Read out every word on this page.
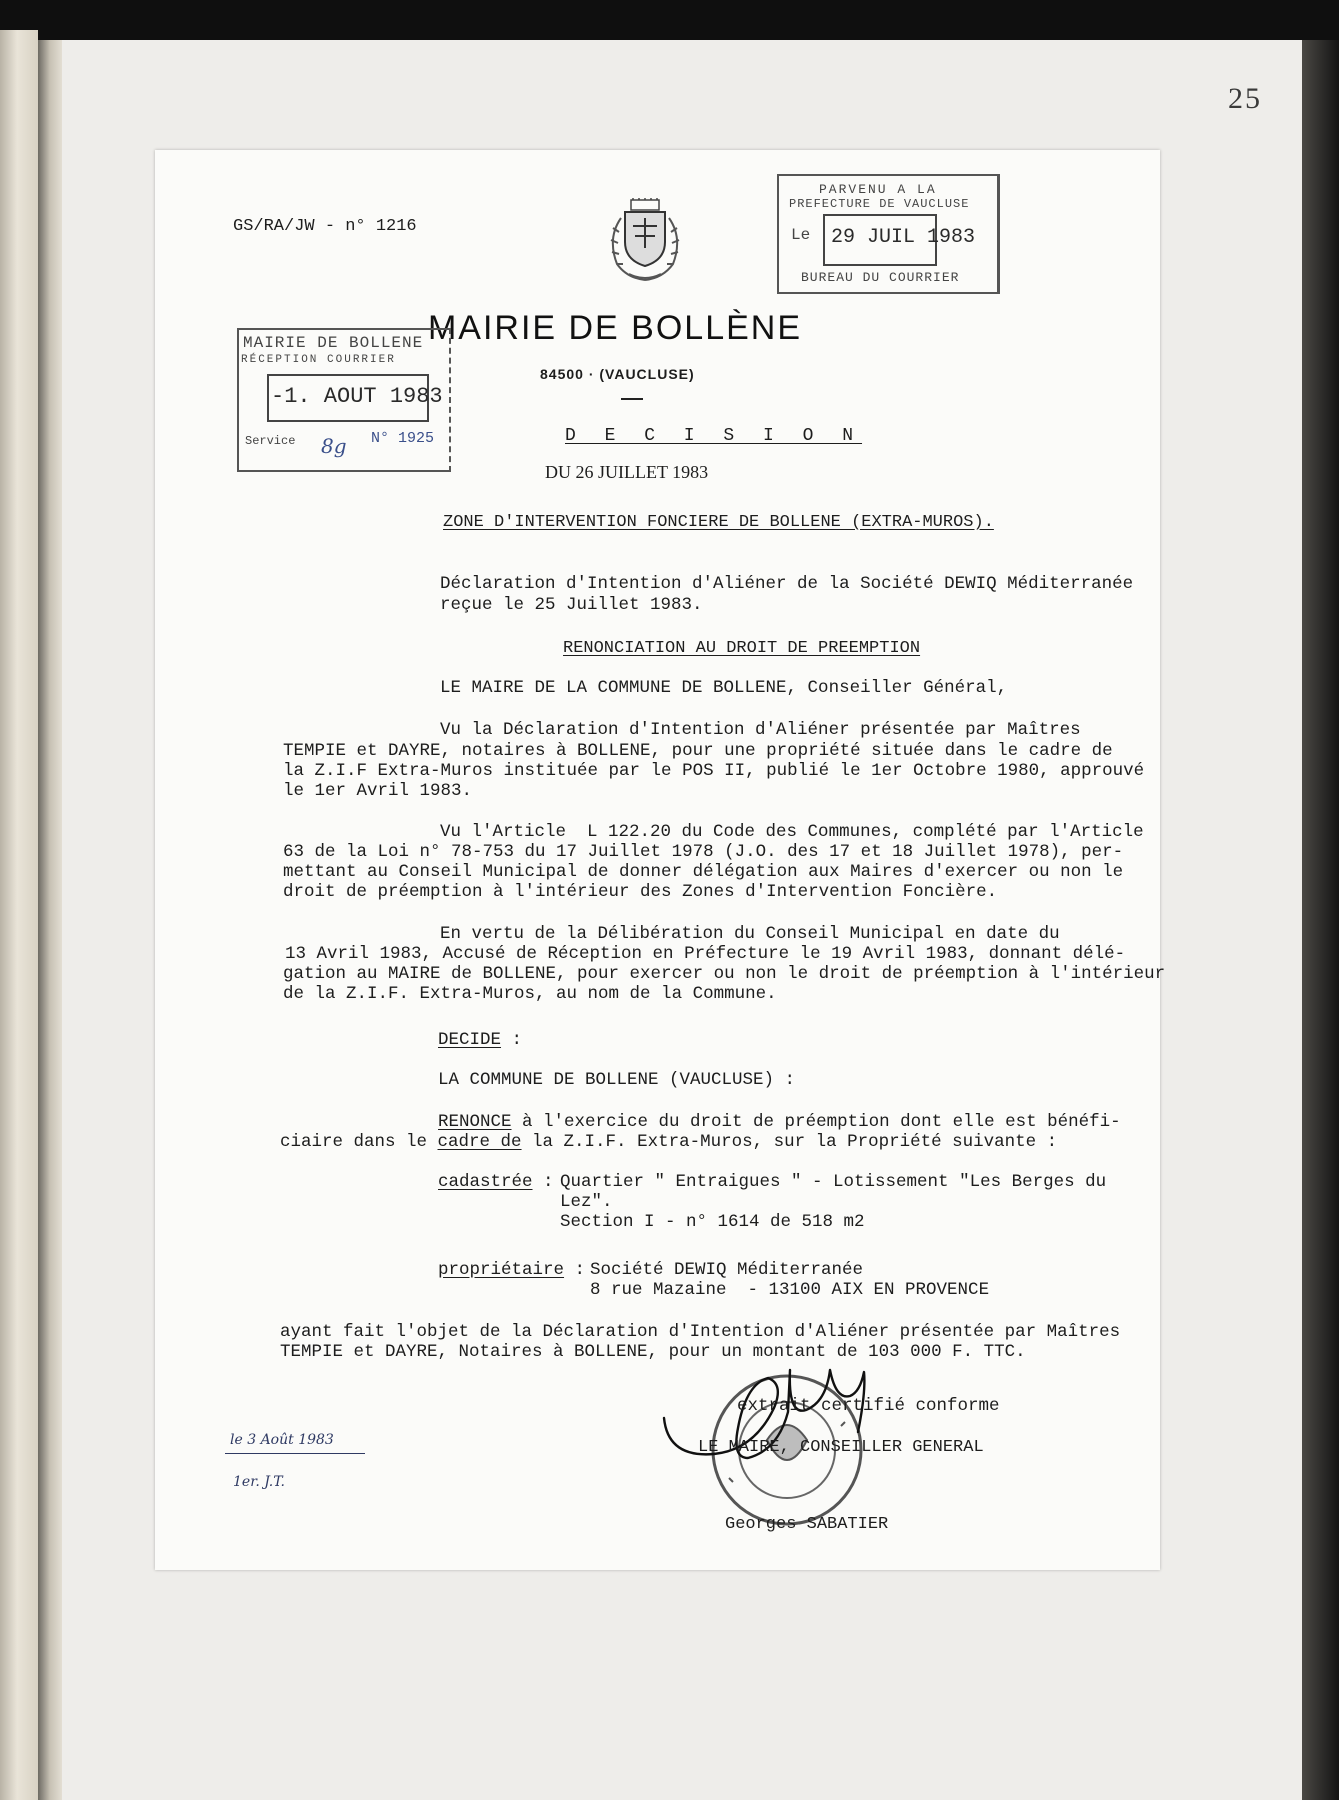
25
GS/RA/JW - n° 1216
PARVENU A LA
PREFECTURE DE VAUCLUSE
Le 29 JUIL 1983
BUREAU DU COURRIER
MAIRIE DE BOLLÈNE
84500 · (VAUCLUSE)
MAIRIE DE BOLLENE
RÉCEPTION COURRIER
-1. AOUT 1983
Service 8g N° 1925	D E C I S I O N
DU 26 JUILLET 1983
ZONE D'INTERVENTION FONCIERE DE BOLLENE (EXTRA-MUROS).
Déclaration d'Intention d'Aliéner de la Société DEWIQ Méditerranée
reçue le 25 Juillet 1983.
RENONCIATION AU DROIT DE PREEMPTION
LE MAIRE DE LA COMMUNE DE BOLLENE, Conseiller Général,
Vu la Déclaration d'Intention d'Aliéner présentée par Maîtres
TEMPIE et DAYRE, notaires à BOLLENE, pour une propriété située dans le cadre de
la Z.I.F Extra-Muros instituée par le POS II, publié le 1er Octobre 1980, approuvé
le 1er Avril 1983.
Vu l'Article  L 122.20 du Code des Communes, complété par l'Article
63 de la Loi n° 78-753 du 17 Juillet 1978 (J.O. des 17 et 18 Juillet 1978), per-
mettant au Conseil Municipal de donner délégation aux Maires d'exercer ou non le
droit de préemption à l'intérieur des Zones d'Intervention Foncière.
En vertu de la Délibération du Conseil Municipal en date du
13 Avril 1983, Accusé de Réception en Préfecture le 19 Avril 1983, donnant délé-
gation au MAIRE de BOLLENE, pour exercer ou non le droit de préemption à l'intérieur
de la Z.I.F. Extra-Muros, au nom de la Commune.
DECIDE :
LA COMMUNE DE BOLLENE (VAUCLUSE) :
RENONCE à l'exercice du droit de préemption dont elle est bénéfi-
ciaire dans le cadre de la Z.I.F. Extra-Muros, sur la Propriété suivante :
cadastrée : Quartier " Entraigues " - Lotissement "Les Berges du
Lez".
Section I - n° 1614 de 518 m2
propriétaire : Société DEWIQ Méditerranée
8 rue Mazaine  - 13100 AIX EN PROVENCE
ayant fait l'objet de la Déclaration d'Intention d'Aliéner présentée par Maîtres
TEMPIE et DAYRE, Notaires à BOLLENE, pour un montant de 103 000 F. TTC.
extrait certifié conforme
LE MAIRE, CONSEILLER GENERAL
Georges SABATIER
le 3 Août 1983
1er. J.T.
